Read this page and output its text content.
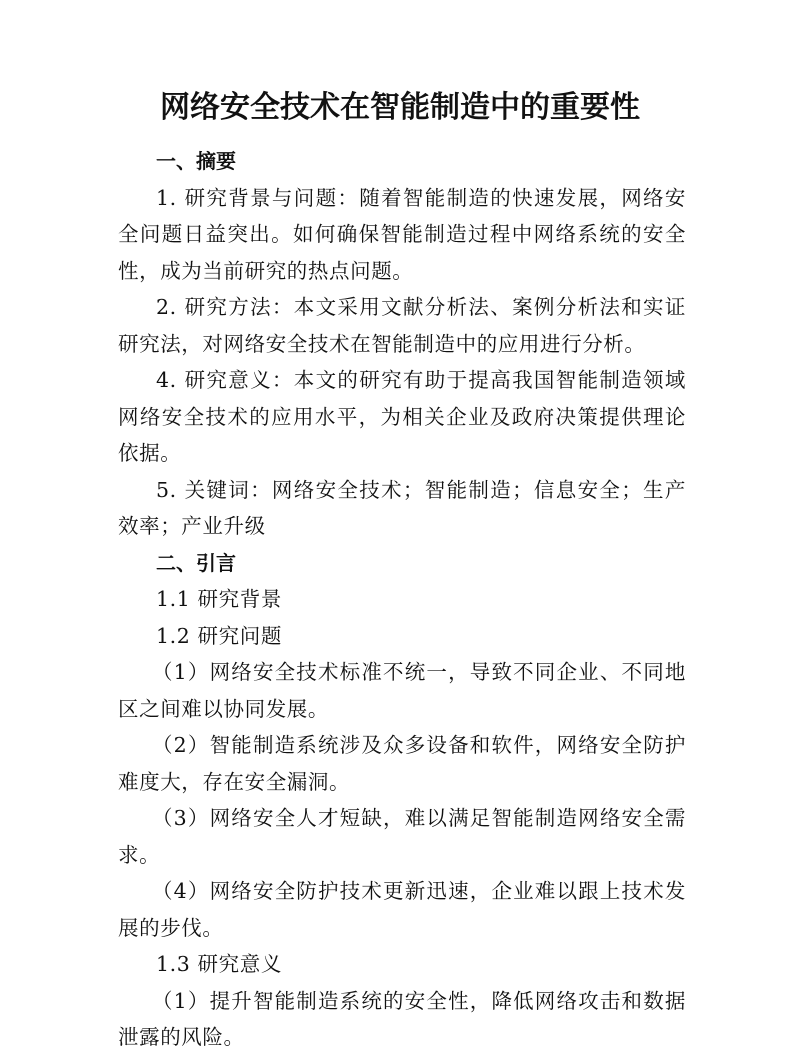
网络安全技术在智能制造中的重要性

一、摘要

1. 研究背景与问题：随着智能制造的快速发展，网络安全问题日益突出。如何确保智能制造过程中网络系统的安全性，成为当前研究的热点问题。

2. 研究方法：本文采用文献分析法、案例分析法和实证研究法，对网络安全技术在智能制造中的应用进行分析。

4. 研究意义：本文的研究有助于提高我国智能制造领域网络安全技术的应用水平，为相关企业及政府决策提供理论依据。

5. 关键词：网络安全技术；智能制造；信息安全；生产效率；产业升级

二、引言

1.1 研究背景

1.2 研究问题

（1）网络安全技术标准不统一，导致不同企业、不同地区之间难以协同发展。

（2）智能制造系统涉及众多设备和软件，网络安全防护难度大，存在安全漏洞。

（3）网络安全人才短缺，难以满足智能制造网络安全需求。

（4）网络安全防护技术更新迅速，企业难以跟上技术发展的步伐。

1.3 研究意义

（1）提升智能制造系统的安全性，降低网络攻击和数据泄露的风险。
